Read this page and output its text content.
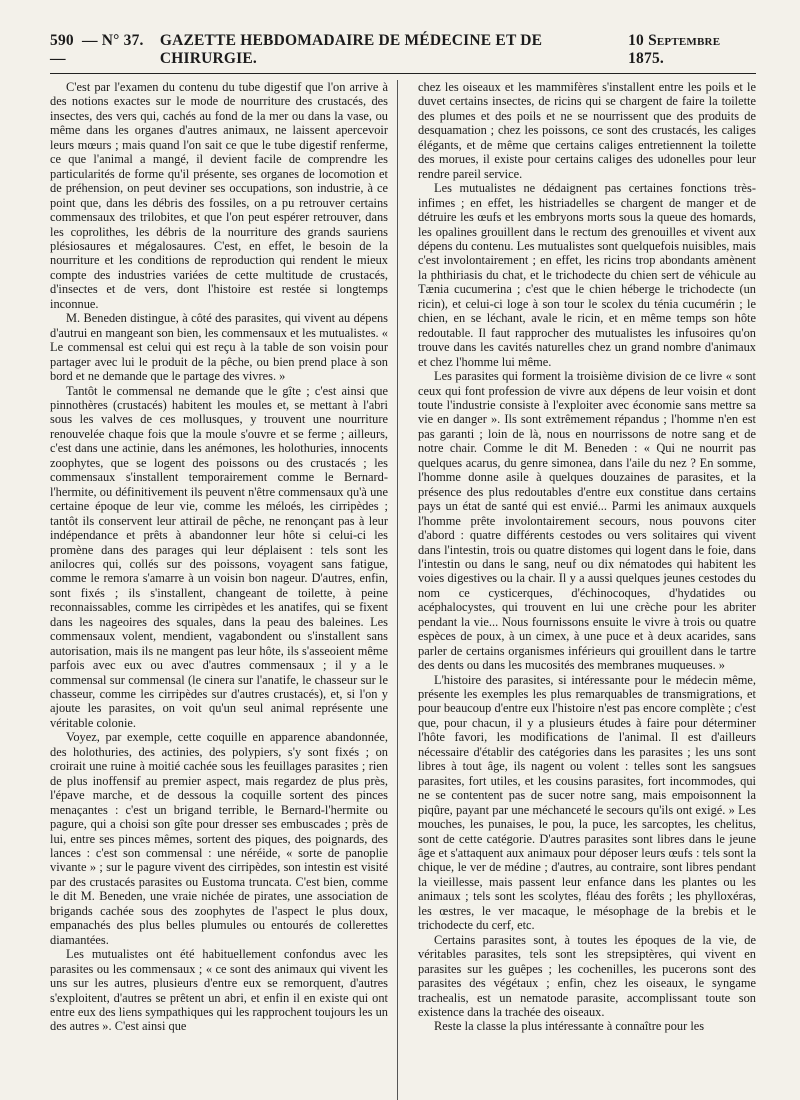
590 — N° 37. —
GAZETTE HEBDOMADAIRE DE MÉDECINE ET DE CHIRURGIE.
10 Septembre 1875.

C'est par l'examen du contenu du tube digestif que l'on arrive à des notions exactes sur le mode de nourriture des crustacés, des insectes, des vers qui, cachés au fond de la mer ou dans la vase, ou même dans les organes d'autres animaux, ne laissent apercevoir leurs mœurs ; mais quand l'on sait ce que le tube digestif renferme, ce que l'animal a mangé, il devient facile de comprendre les particularités de forme qu'il présente, ses organes de locomotion et de préhension, on peut deviner ses occupations, son industrie, à ce point que, dans les débris des fossiles, on a pu retrouver certains commensaux des trilobites, et que l'on peut espérer retrouver, dans les coprolithes, les débris de la nourriture des grands sauriens plésiosaures et mégalosaures. C'est, en effet, le besoin de la nourriture et les conditions de reproduction qui rendent le mieux compte des industries variées de cette multitude de crustacés, d'insectes et de vers, dont l'histoire est restée si longtemps inconnue.

M. Beneden distingue, à côté des parasites, qui vivent au dépens d'autrui en mangeant son bien, les commensaux et les mutualistes. « Le commensal est celui qui est reçu à la table de son voisin pour partager avec lui le produit de la pêche, ou bien prend place à son bord et ne demande que le partage des vivres. »

Tantôt le commensal ne demande que le gîte ; c'est ainsi que pinnothères (crustacés) habitent les moules et, se mettant à l'abri sous les valves de ces mollusques, y trouvent une nourriture renouvelée chaque fois que la moule s'ouvre et se ferme ; ailleurs, c'est dans une actinie, dans les anémones, les holothuries, innocents zoophytes, que se logent des poissons ou des crustacés ; les commensaux s'installent temporairement comme le Bernard-l'hermite, ou définitivement ils peuvent n'être commensaux qu'à une certaine époque de leur vie, comme les méloés, les cirripèdes ; tantôt ils conservent leur attirail de pêche, ne renonçant pas à leur indépendance et prêts à abandonner leur hôte si celui-ci les promène dans des parages qui leur déplaisent : tels sont les anilocres qui, collés sur des poissons, voyagent sans fatigue, comme le remora s'amarre à un voisin bon nageur. D'autres, enfin, sont fixés ; ils s'installent, changeant de toilette, à peine reconnaissables, comme les cirripèdes et les anatifes, qui se fixent dans les nageoires des squales, dans la peau des baleines. Les commensaux volent, mendient, vagabondent ou s'installent sans autorisation, mais ils ne mangent pas leur hôte, ils s'asseoient même parfois avec eux ou avec d'autres commensaux ; il y a le commensal sur commensal (le cinera sur l'anatife, le chasseur sur le chasseur, comme les cirripèdes sur d'autres crustacés), et, si l'on y ajoute les parasites, on voit qu'un seul animal représente une véritable colonie.

Voyez, par exemple, cette coquille en apparence abandonnée, des holothuries, des actinies, des polypiers, s'y sont fixés ; on croirait une ruine à moitié cachée sous les feuillages parasites ; rien de plus inoffensif au premier aspect, mais regardez de plus près, l'épave marche, et de dessous la coquille sortent des pinces menaçantes : c'est un brigand terrible, le Bernard-l'hermite ou pagure, qui a choisi son gîte pour dresser ses embuscades ; près de lui, entre ses pinces mêmes, sortent des piques, des poignards, des lances : c'est son commensal : une néréide, « sorte de panoplie vivante » ; sur le pagure vivent des cirripèdes, son intestin est visité par des crustacés parasites ou Eustoma truncata. C'est bien, comme le dit M. Beneden, une vraie nichée de pirates, une association de brigands cachée sous des zoophytes de l'aspect le plus doux, empanachés des plus belles plumules ou entourés de collerettes diamantées.

Les mutualistes ont été habituellement confondus avec les parasites ou les commensaux ; « ce sont des animaux qui vivent les uns sur les autres, plusieurs d'entre eux se remorquent, d'autres s'exploitent, d'autres se prêtent un abri, et enfin il en existe qui ont entre eux des liens sympathiques qui les rapprochent toujours les un des autres ». C'est ainsi que

chez les oiseaux et les mammifères s'installent entre les poils et le duvet certains insectes, de ricins qui se chargent de faire la toilette des plumes et des poils et ne se nourrissent que des produits de desquamation ; chez les poissons, ce sont des crustacés, les caliges élégants, et de même que certains caliges entretiennent la toilette des morues, il existe pour certains caliges des udonelles pour leur rendre pareil service.

Les mutualistes ne dédaignent pas certaines fonctions très-infimes ; en effet, les histriadelles se chargent de manger et de détruire les œufs et les embryons morts sous la queue des homards, les opalines grouillent dans le rectum des grenouilles et vivent aux dépens du contenu. Les mutualistes sont quelquefois nuisibles, mais c'est involontairement ; en effet, les ricins trop abondants amènent la phthiriasis du chat, et le trichodecte du chien sert de véhicule au Tænia cucumerina ; c'est que le chien héberge le trichodecte (un ricin), et celui-ci loge à son tour le scolex du ténia cucumérin ; le chien, en se léchant, avale le ricin, et en même temps son hôte redoutable. Il faut rapprocher des mutualistes les infusoires qu'on trouve dans les cavités naturelles chez un grand nombre d'animaux et chez l'homme lui même.

Les parasites qui forment la troisième division de ce livre « sont ceux qui font profession de vivre aux dépens de leur voisin et dont toute l'industrie consiste à l'exploiter avec économie sans mettre sa vie en danger ». Ils sont extrêmement répandus ; l'homme n'en est pas garanti ; loin de là, nous en nourrissons de notre sang et de notre chair. Comme le dit M. Beneden : « Qui ne nourrit pas quelques acarus, du genre simonea, dans l'aile du nez ? En somme, l'homme donne asile à quelques douzaines de parasites, et la présence des plus redoutables d'entre eux constitue dans certains pays un état de santé qui est envié... Parmi les animaux auxquels l'homme prête involontairement secours, nous pouvons citer d'abord : quatre différents cestodes ou vers solitaires qui vivent dans l'intestin, trois ou quatre distomes qui logent dans le foie, dans l'intestin ou dans le sang, neuf ou dix nématodes qui habitent les voies digestives ou la chair. Il y a aussi quelques jeunes cestodes du nom ce cysticerques, d'échinocoques, d'hydatides ou acéphalocystes, qui trouvent en lui une crèche pour les abriter pendant la vie... Nous fournissons ensuite le vivre à trois ou quatre espèces de poux, à un cimex, à une puce et à deux acarides, sans parler de certains organismes inférieurs qui grouillent dans le tartre des dents ou dans les mucosités des membranes muqueuses. »

L'histoire des parasites, si intéressante pour le médecin même, présente les exemples les plus remarquables de transmigrations, et pour beaucoup d'entre eux l'histoire n'est pas encore complète ; c'est que, pour chacun, il y a plusieurs études à faire pour déterminer l'hôte favori, les modifications de l'animal. Il est d'ailleurs nécessaire d'établir des catégories dans les parasites ; les uns sont libres à tout âge, ils nagent ou volent : telles sont les sangsues parasites, fort utiles, et les cousins parasites, fort incommodes, qui ne se contentent pas de sucer notre sang, mais empoisonnent la piqûre, payant par une méchanceté le secours qu'ils ont exigé. » Les mouches, les punaises, le pou, la puce, les sarcoptes, les chelitus, sont de cette catégorie. D'autres parasites sont libres dans le jeune âge et s'attaquent aux animaux pour déposer leurs œufs : tels sont la chique, le ver de médine ; d'autres, au contraire, sont libres pendant la vieillesse, mais passent leur enfance dans les plantes ou les animaux ; tels sont les scolytes, fléau des forêts ; les phylloxéras, les œstres, le ver macaque, le mésophage de la brebis et le trichodecte du cerf, etc.

Certains parasites sont, à toutes les époques de la vie, de véritables parasites, tels sont les strepsiptères, qui vivent en parasites sur les guêpes ; les cochenilles, les pucerons sont des parasites des végétaux ; enfin, chez les oiseaux, le syngame trachealis, est un nematode parasite, accomplissant toute son existence dans la trachée des oiseaux.

Reste la classe la plus intéressante à connaître pour les
